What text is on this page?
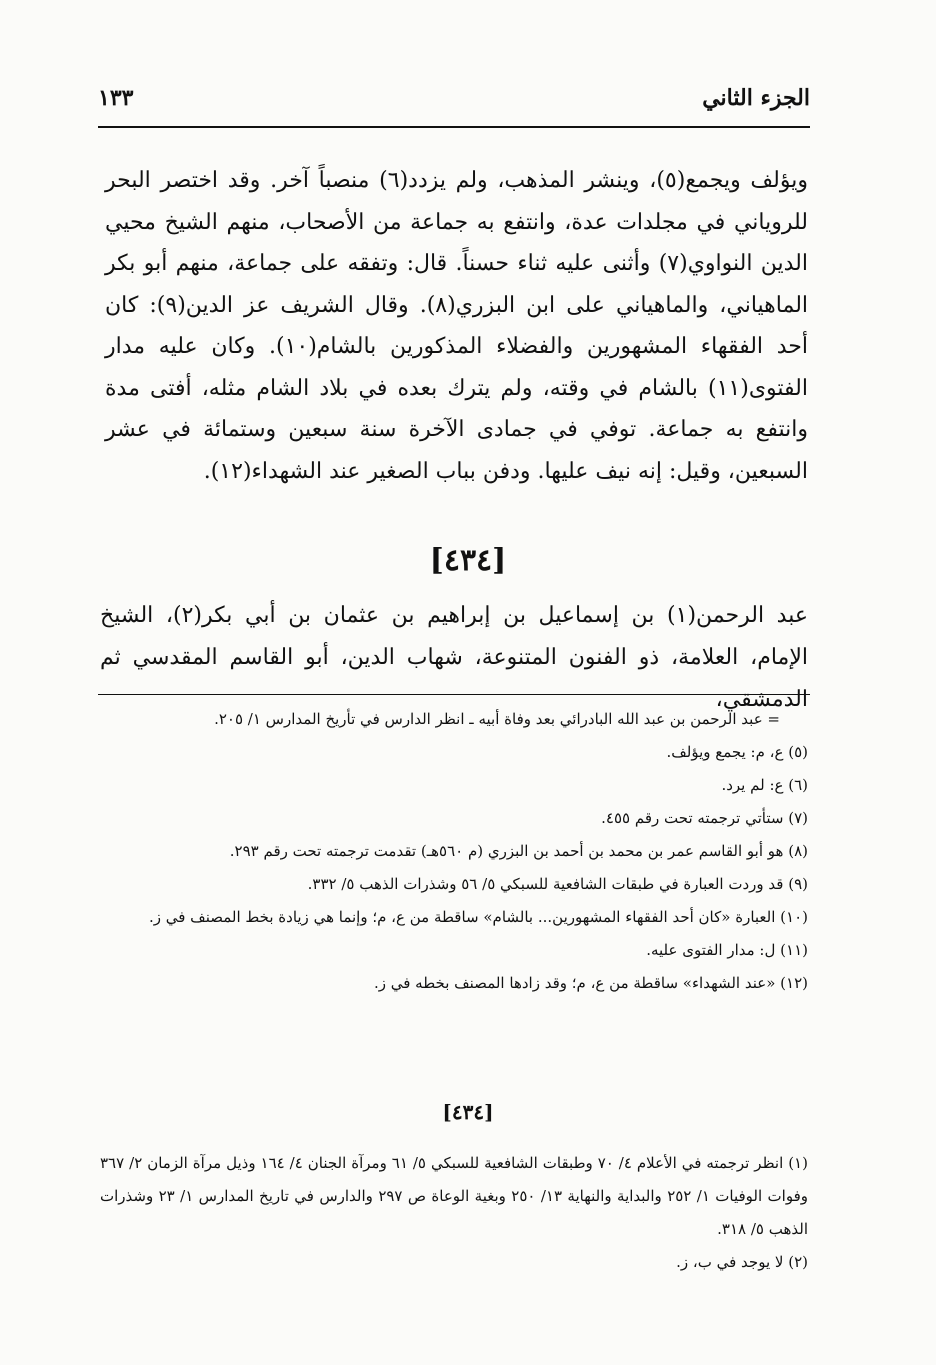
الجزء الثاني
١٣٣

ويؤلف ويجمع(٥)، وينشر المذهب، ولم يزدد(٦) منصباً آخر. وقد اختصر البحر للروياني في مجلدات عدة، وانتفع به جماعة من الأصحاب، منهم الشيخ محيي الدين النواوي(٧) وأثنى عليه ثناء حسناً. قال: وتفقه على جماعة، منهم أبو بكر الماهياني، والماهياني على ابن البزري(٨). وقال الشريف عز الدين(٩): كان أحد الفقهاء المشهورين والفضلاء المذكورين بالشام(١٠). وكان عليه مدار الفتوى(١١) بالشام في وقته، ولم يترك بعده في بلاد الشام مثله، أفتى مدة وانتفع به جماعة. توفي في جمادى الآخرة سنة سبعين وستمائة في عشر السبعين، وقيل: إنه نيف عليها. ودفن بباب الصغير عند الشهداء(١٢).

[٤٣٤]

عبد الرحمن(١) بن إسماعيل بن إبراهيم بن عثمان بن أبي بكر(٢)، الشيخ الإمام، العلامة، ذو الفنون المتنوعة، شهاب الدين، أبو القاسم المقدسي ثم الدمشقي،

= عبد الرحمن بن عبد الله البادرائي بعد وفاة أبيه ـ انظر الدارس في تأريخ المدارس ١/ ٢٠٥.

(٥) ع، م: يجمع ويؤلف.

(٦) ع: لم يرد.

(٧) ستأتي ترجمته تحت رقم ٤٥٥.

(٨) هو أبو القاسم عمر بن محمد بن أحمد بن البزري (م ٥٦٠هـ) تقدمت ترجمته تحت رقم ٢٩٣.

(٩) قد وردت العبارة في طبقات الشافعية للسبكي ٥/ ٥٦ وشذرات الذهب ٥/ ٣٣٢.

(١٠) العبارة «كان أحد الفقهاء المشهورين... بالشام» ساقطة من ع، م؛ وإنما هي زيادة بخط المصنف في ز.

(١١) ل: مدار الفتوى عليه.

(١٢) «عند الشهداء» ساقطة من ع، م؛ وقد زادها المصنف بخطه في ز.

[٤٣٤]

(١) انظر ترجمته في الأعلام ٤/ ٧٠ وطبقات الشافعية للسبكي ٥/ ٦١ ومرآة الجنان ٤/ ١٦٤ وذيل مرآة الزمان ٢/ ٣٦٧ وفوات الوفيات ١/ ٢٥٢ والبداية والنهاية ١٣/ ٢٥٠ وبغية الوعاة ص ٢٩٧ والدارس في تاريخ المدارس ١/ ٢٣ وشذرات الذهب ٥/ ٣١٨.

(٢) لا يوجد في ب، ز.
